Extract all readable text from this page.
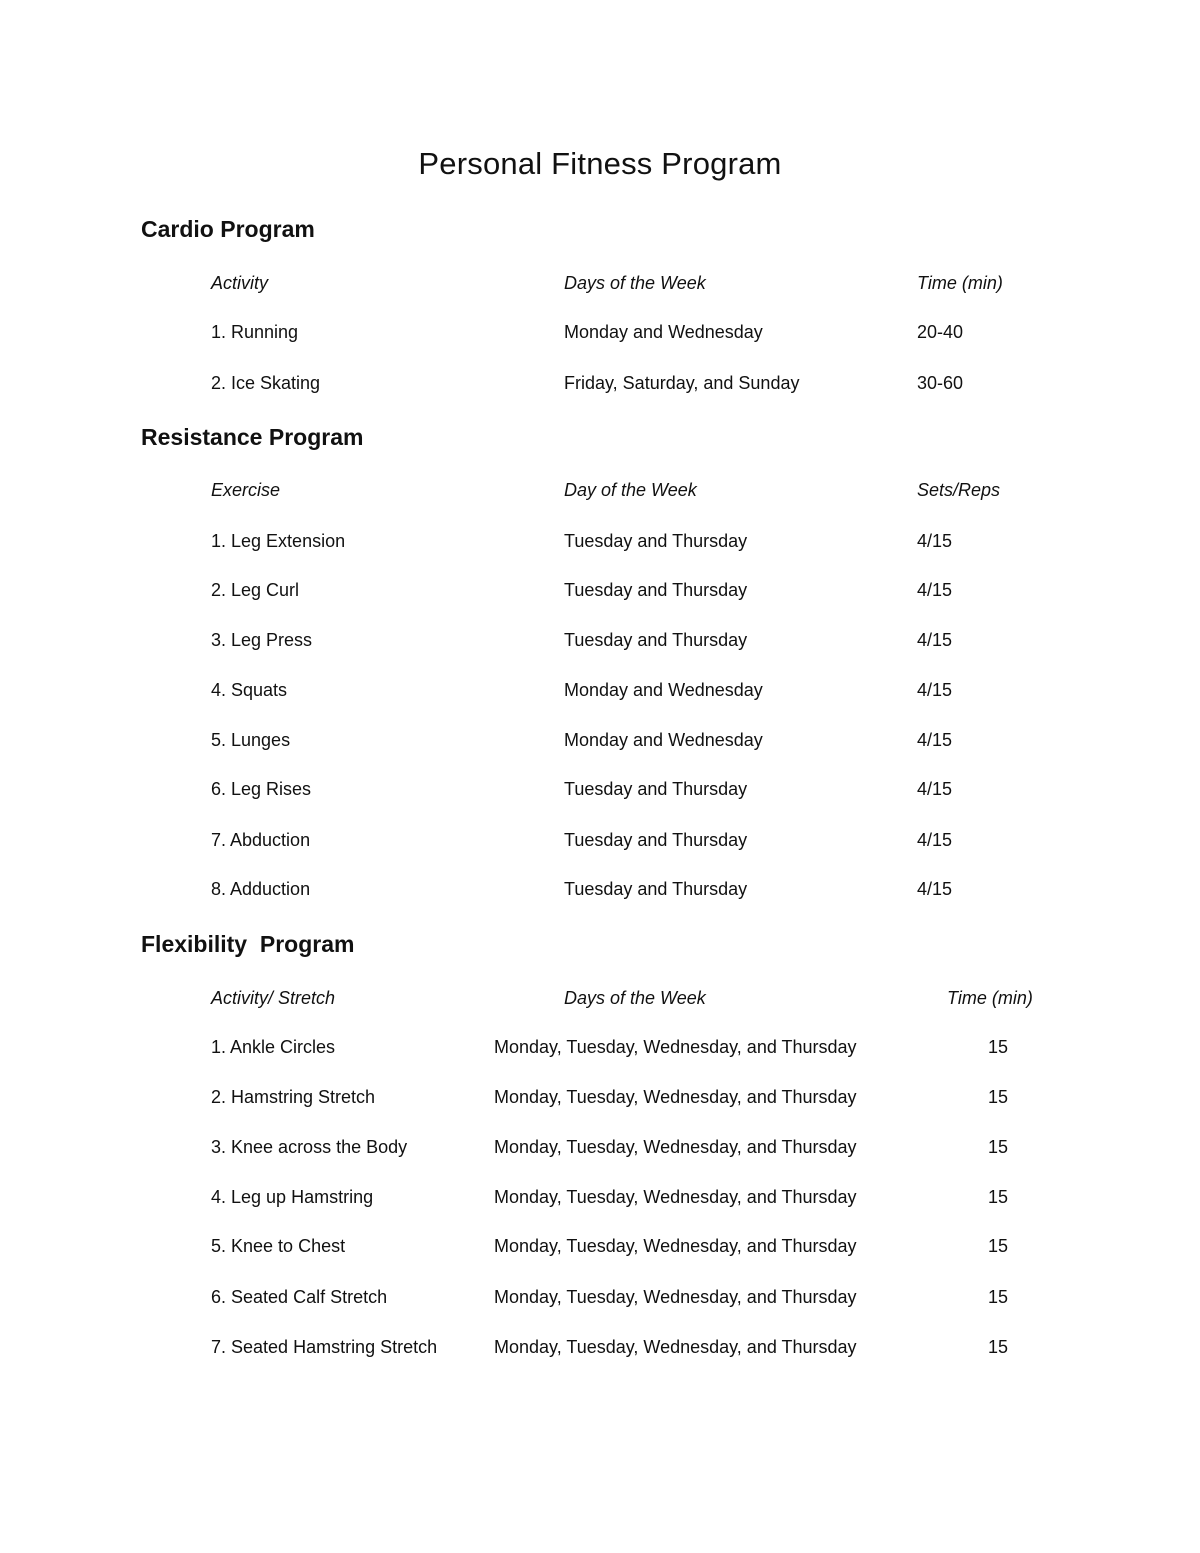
Personal Fitness Program
Cardio Program
Activity	Days of the Week	Time (min)
1. Running	Monday and Wednesday	20-40
2. Ice Skating	Friday, Saturday, and Sunday	30-60
Resistance Program
Exercise	Day of the Week	Sets/Reps
1. Leg Extension	Tuesday and Thursday	4/15
2. Leg Curl	Tuesday and Thursday	4/15
3. Leg Press	Tuesday and Thursday	4/15
4. Squats	Monday and Wednesday	4/15
5. Lunges	Monday and Wednesday	4/15
6. Leg Rises	Tuesday and Thursday	4/15
7. Abduction	Tuesday and Thursday	4/15
8. Adduction	Tuesday and Thursday	4/15
Flexibility  Program
Activity/ Stretch	Days of the Week	Time (min)
1. Ankle Circles	Monday, Tuesday, Wednesday, and Thursday	15
2. Hamstring Stretch	Monday, Tuesday, Wednesday, and Thursday	15
3. Knee across the Body	Monday, Tuesday, Wednesday, and Thursday	15
4. Leg up Hamstring	Monday, Tuesday, Wednesday, and Thursday	15
5. Knee to Chest	Monday, Tuesday, Wednesday, and Thursday	15
6. Seated Calf Stretch	Monday, Tuesday, Wednesday, and Thursday	15
7. Seated Hamstring Stretch	Monday, Tuesday, Wednesday, and Thursday	15
